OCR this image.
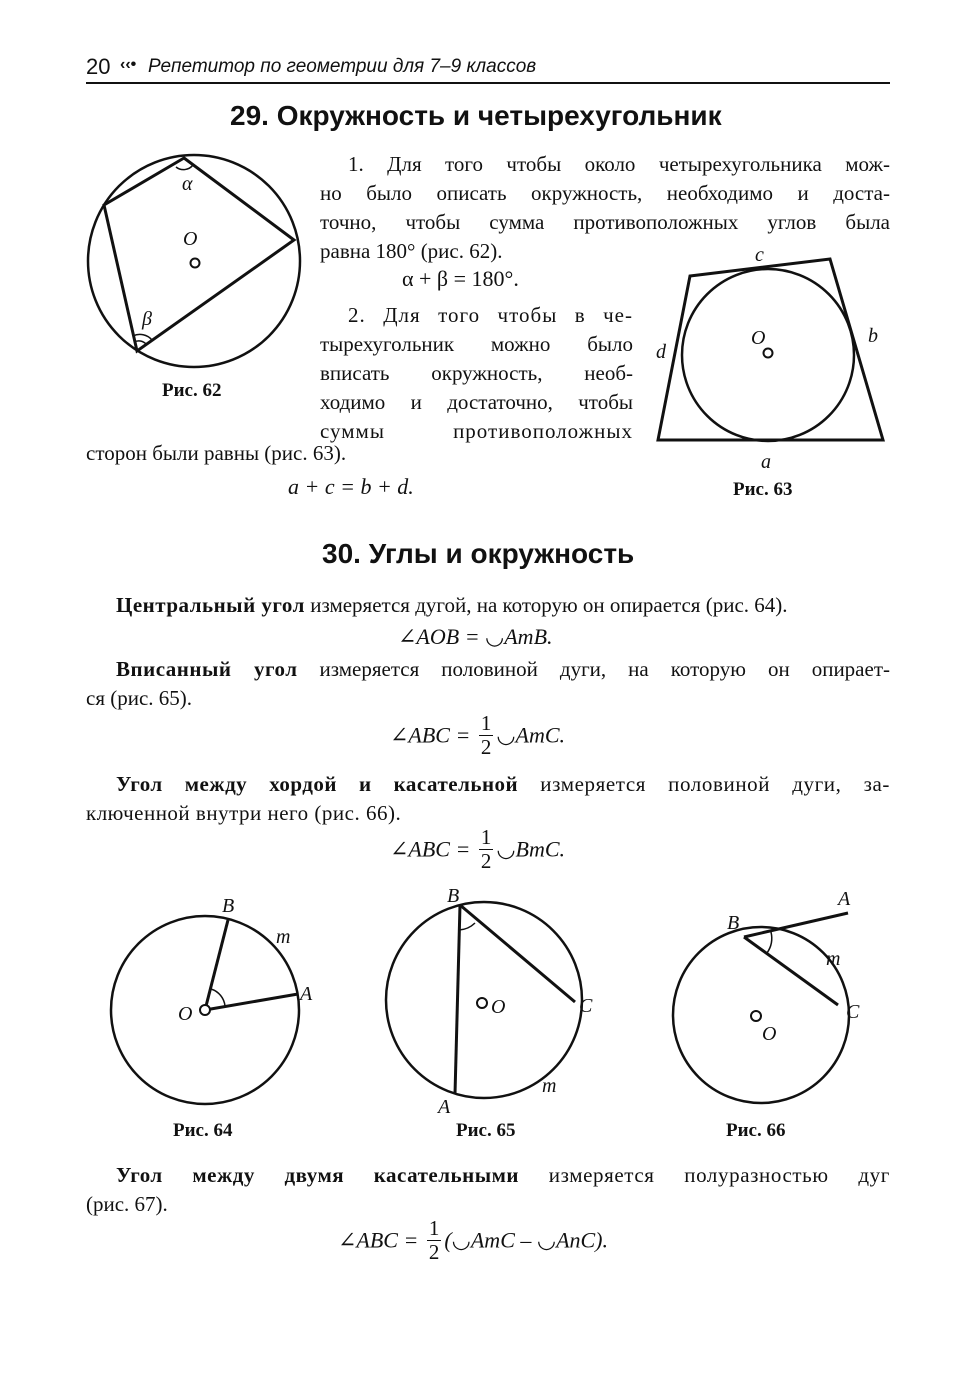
20 ‹‹• Репетитор по геометрии для 7–9 классов
29. Окружность и четырехугольник
α
β
O
Рис. 62
1. Для того чтобы около четырехугольника мож-
но было описать окружность, необходимо и доста-
точно, чтобы сумма противоположных углов была
равна 180° (рис. 62).
α + β = 180°.
2. Для того чтобы в че-
тырехугольник можно было
вписать окружность, необ-
ходимо и достаточно, чтобы
суммы противоположных
сторон были равны (рис. 63).
a + c = b + d.
c
b
d
a
O
Рис. 63
30. Углы и окружность
Центральный угол измеряется дугой, на которую он опирается (рис. 64).
∠AOB = ◡AmB.
Вписанный угол измеряется половиной дуги, на которую он опирает-
ся (рис. 65).
∠ABC = $\frac{1}{2}$ ◡AmC.
Угол между хордой и касательной измеряется половиной дуги, за-
ключенной внутри него (рис. 66).
∠ABC = $\frac{1}{2}$ ◡BmC.
O
B
A
m
Рис. 64
B
O	C
A
m
Рис. 65
B
A
m
C
O
Рис. 66
Угол между двумя касательными измеряется полуразностью дуг
(рис. 67).
∠ABC = $\frac{1}{2}$ (◡AmC – ◡AnC).
